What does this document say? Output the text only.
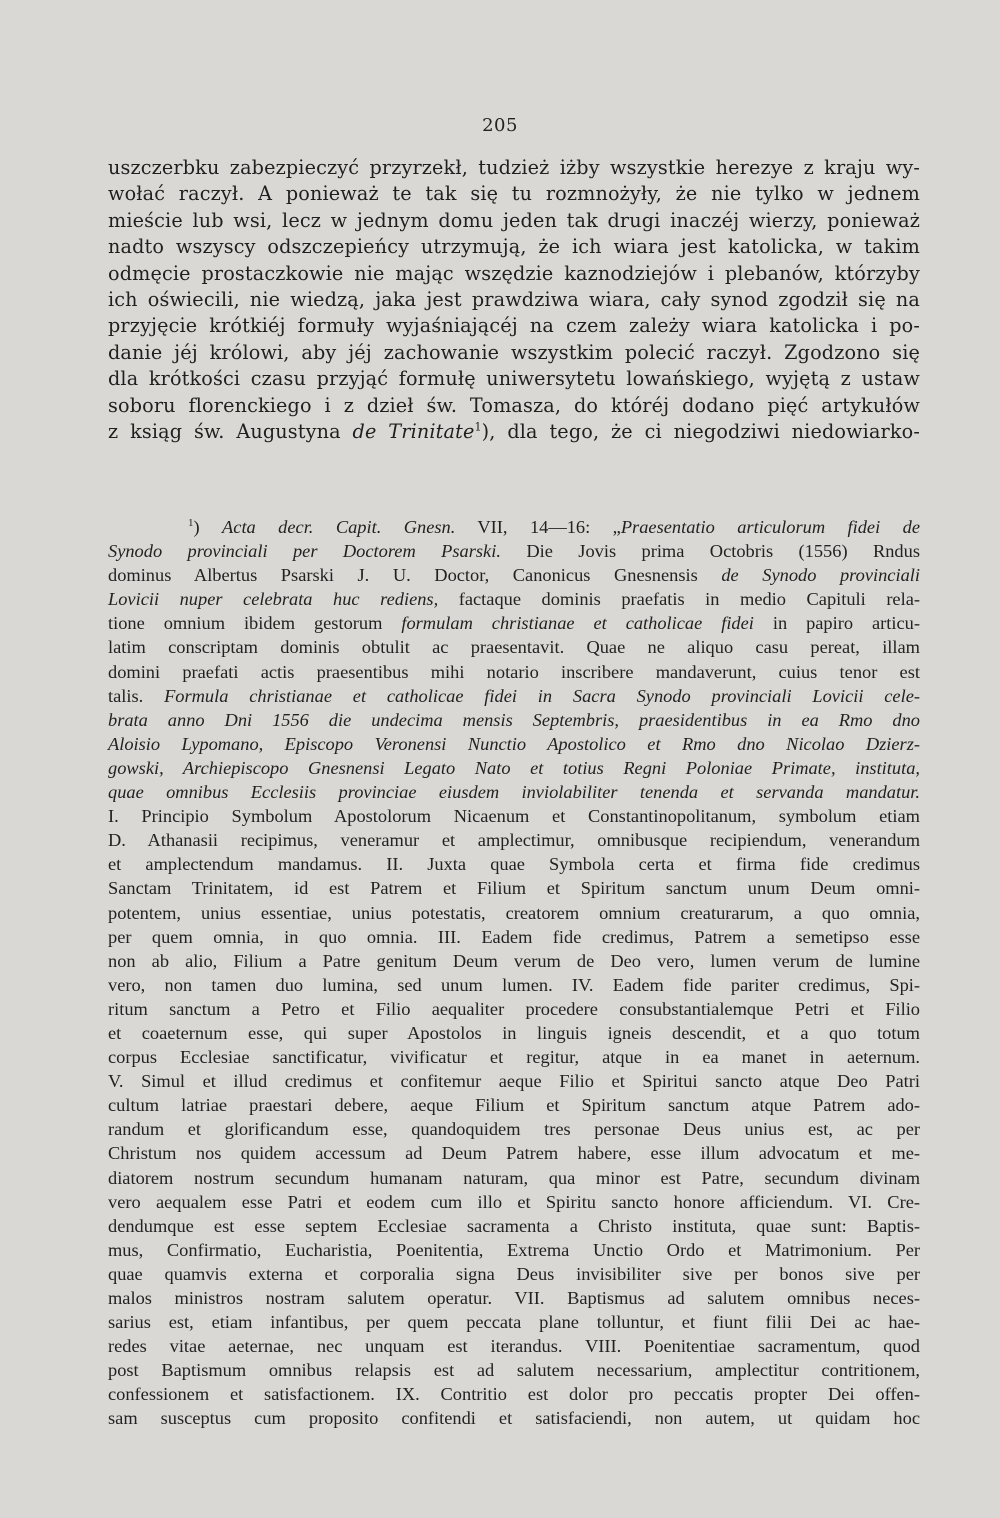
205
uszczerbku zabezpieczyć przyrzekł, tudzież iżby wszystkie herezye z kraju wy-
wołać raczył. A ponieważ te tak się tu rozmnożyły, że nie tylko w jednem
mieście lub wsi, lecz w jednym domu jeden tak drugi inaczéj wierzy, ponieważ
nadto wszyscy odszczepieńcy utrzymują, że ich wiara jest katolicka, w takim
odmęcie prostaczkowie nie mając wszędzie kaznodziejów i plebanów, którzyby
ich oświecili, nie wiedzą, jaka jest prawdziwa wiara, cały synod zgodził się na
przyjęcie krótkiéj formuły wyjaśniającéj na czem zależy wiara katolicka i po-
danie jéj królowi, aby jéj zachowanie wszystkim polecić raczył. Zgodzono się
dla krótkości czasu przyjąć formułę uniwersytetu lowańskiego, wyjętą z ustaw
soboru florenckiego i z dzieł św. Tomasza, do któréj dodano pięć artykułów
z ksiąg św. Augustyna de Trinitate$^1$), dla tego, że ci niegodziwi niedowiarko-
$^1$) Acta decr. Capit. Gnesn. VII, 14—16: „Praesentatio articulorum fidei de
Synodo provinciali per Doctorem Psarski. Die Jovis prima Octobris (1556) Rndus
dominus Albertus Psarski J. U. Doctor, Canonicus Gnesnensis de Synodo provinciali
Lovicii nuper celebrata huc rediens, factaque dominis praefatis in medio Capituli rela-
tione omnium ibidem gestorum formulam christianae et catholicae fidei in papiro articu-
latim conscriptam dominis obtulit ac praesentavit. Quae ne aliquo casu pereat, illam
domini praefati actis praesentibus mihi notario inscribere mandaverunt, cuius tenor est
talis. Formula christianae et catholicae fidei in Sacra Synodo provinciali Lovicii cele-
brata anno Dni 1556 die undecima mensis Septembris, praesidentibus in ea Rmo dno
Aloisio Lypomano, Episcopo Veronensi Nunctio Apostolico et Rmo dno Nicolao Dzierz-
gowski, Archiepiscopo Gnesnensi Legato Nato et totius Regni Poloniae Primate, instituta,
quae omnibus Ecclesiis provinciae eiusdem inviolabiliter tenenda et servanda mandatur.
I. Principio Symbolum Apostolorum Nicaenum et Constantinopolitanum, symbolum etiam
D. Athanasii recipimus, veneramur et amplectimur, omnibusque recipiendum, venerandum
et amplectendum mandamus. II. Juxta quae Symbola certa et firma fide credimus
Sanctam Trinitatem, id est Patrem et Filium et Spiritum sanctum unum Deum omni-
potentem, unius essentiae, unius potestatis, creatorem omnium creaturarum, a quo omnia,
per quem omnia, in quo omnia. III. Eadem fide credimus, Patrem a semetipso esse
non ab alio, Filium a Patre genitum Deum verum de Deo vero, lumen verum de lumine
vero, non tamen duo lumina, sed unum lumen. IV. Eadem fide pariter credimus, Spi-
ritum sanctum a Petro et Filio aequaliter procedere consubstantialemque Petri et Filio
et coaeternum esse, qui super Apostolos in linguis igneis descendit, et a quo totum
corpus Ecclesiae sanctificatur, vivificatur et regitur, atque in ea manet in aeternum.
V. Simul et illud credimus et confitemur aeque Filio et Spiritui sancto atque Deo Patri
cultum latriae praestari debere, aeque Filium et Spiritum sanctum atque Patrem ado-
randum et glorificandum esse, quandoquidem tres personae Deus unius est, ac per
Christum nos quidem accessum ad Deum Patrem habere, esse illum advocatum et me-
diatorem nostrum secundum humanam naturam, qua minor est Patre, secundum divinam
vero aequalem esse Patri et eodem cum illo et Spiritu sancto honore afficiendum. VI. Cre-
dendumque est esse septem Ecclesiae sacramenta a Christo instituta, quae sunt: Baptis-
mus, Confirmatio, Eucharistia, Poenitentia, Extrema Unctio Ordo et Matrimonium. Per
quae quamvis externa et corporalia signa Deus invisibiliter sive per bonos sive per
malos ministros nostram salutem operatur. VII. Baptismus ad salutem omnibus neces-
sarius est, etiam infantibus, per quem peccata plane tolluntur, et fiunt filii Dei ac hae-
redes vitae aeternae, nec unquam est iterandus. VIII. Poenitentiae sacramentum, quod
post Baptismum omnibus relapsis est ad salutem necessarium, amplectitur contritionem,
confessionem et satisfactionem. IX. Contritio est dolor pro peccatis propter Dei offen-
sam susceptus cum proposito confitendi et satisfaciendi, non autem, ut quidam hoc
